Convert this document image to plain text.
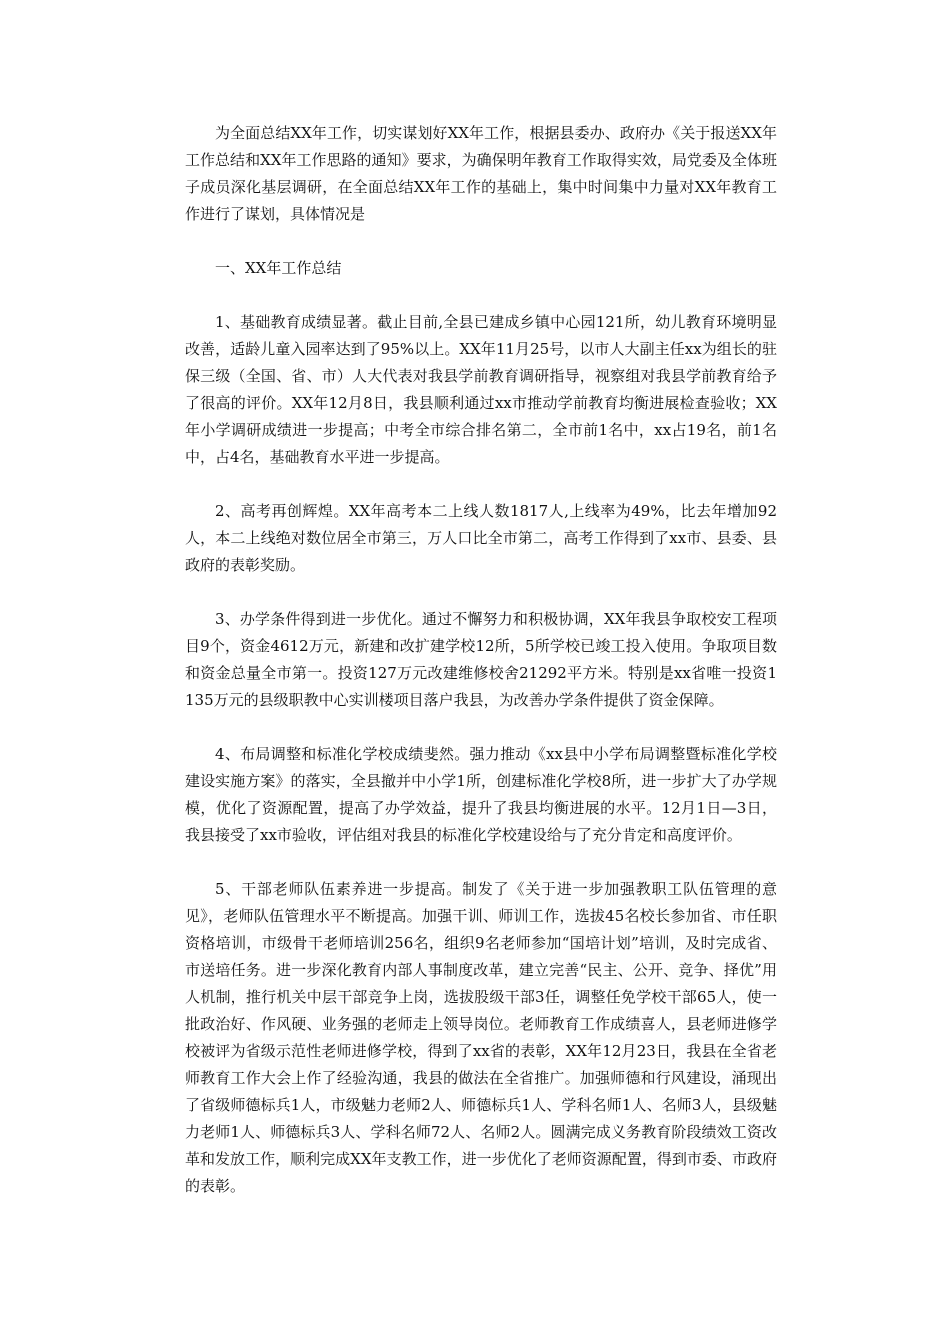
为全面总结XX年工作，切实谋划好XX年工作，根据县委办、政府办《关于报送XX年工作总结和XX年工作思路的通知》要求，为确保明年教育工作取得实效，局党委及全体班子成员深化基层调研，在全面总结XX年工作的基础上，集中时间集中力量对XX年教育工作进行了谋划，具体情况是

一、XX年工作总结

1、基础教育成绩显著。截止目前,全县已建成乡镇中心园121所，幼儿教育环境明显改善，适龄儿童入园率达到了95%以上。XX年11月25号，以市人大副主任xx为组长的驻保三级（全国、省、市）人大代表对我县学前教育调研指导，视察组对我县学前教育给予了很高的评价。XX年12月8日，我县顺利通过xx市推动学前教育均衡进展检查验收；XX年小学调研成绩进一步提高；中考全市综合排名第二，全市前1名中，xx占19名，前1名中，占4名，基础教育水平进一步提高。

2、高考再创辉煌。XX年高考本二上线人数1817人,上线率为49%，比去年增加92人，本二上线绝对数位居全市第三，万人口比全市第二，高考工作得到了xx市、县委、县政府的表彰奖励。

3、办学条件得到进一步优化。通过不懈努力和积极协调，XX年我县争取校安工程项目9个，资金4612万元，新建和改扩建学校12所，5所学校已竣工投入使用。争取项目数和资金总量全市第一。投资127万元改建维修校舍21292平方米。特别是xx省唯一投资1135万元的县级职教中心实训楼项目落户我县，为改善办学条件提供了资金保障。

4、布局调整和标准化学校成绩斐然。强力推动《xx县中小学布局调整暨标准化学校建设实施方案》的落实，全县撤并中小学1所，创建标准化学校8所，进一步扩大了办学规模，优化了资源配置，提高了办学效益，提升了我县均衡进展的水平。12月1日—3日，我县接受了xx市验收，评估组对我县的标准化学校建设给与了充分肯定和高度评价。

5、干部老师队伍素养进一步提高。制发了《关于进一步加强教职工队伍管理的意见》，老师队伍管理水平不断提高。加强干训、师训工作，选拔45名校长参加省、市任职资格培训，市级骨干老师培训256名，组织9名老师参加“国培计划”培训，及时完成省、市送培任务。进一步深化教育内部人事制度改革，建立完善“民主、公开、竞争、择优”用人机制，推行机关中层干部竞争上岗，选拔股级干部3任，调整任免学校干部65人，使一批政治好、作风硬、业务强的老师走上领导岗位。老师教育工作成绩喜人，县老师进修学校被评为省级示范性老师进修学校，得到了xx省的表彰，XX年12月23日，我县在全省老师教育工作大会上作了经验沟通，我县的做法在全省推广。加强师德和行风建设，涌现出了省级师德标兵1人，市级魅力老师2人、师德标兵1人、学科名师1人、名师3人，县级魅力老师1人、师德标兵3人、学科名师72人、名师2人。圆满完成义务教育阶段绩效工资改革和发放工作，顺利完成XX年支教工作，进一步优化了老师资源配置，得到市委、市政府的表彰。
